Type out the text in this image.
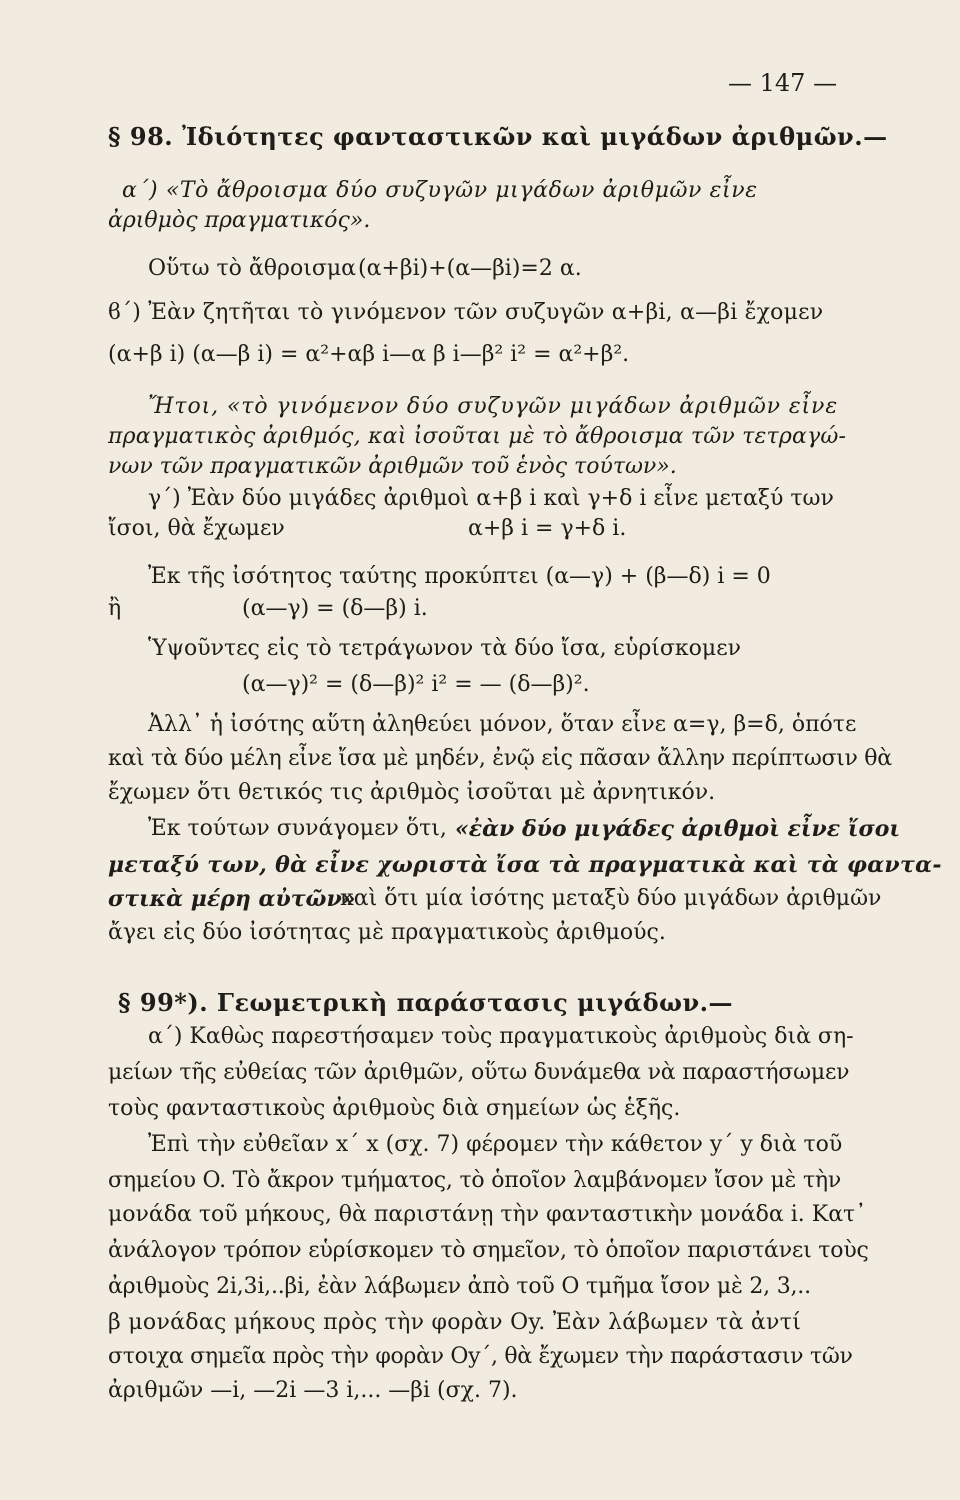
— 147 —
§ 98. Ἰδιότητες φανταστικῶν καὶ μιγάδων ἀριθμῶν.—
α΄) «Τὸ ἄθροισμα δύο συζυγῶν μιγάδων ἀριθμῶν εἶνε
ἀριθμὸς πραγματικός».
Οὕτω τὸ ἄθροισμα (α+βi)+(α—βi)=2 α.
ϐ΄) Ἐὰν ζητῆται τὸ γινόμενον τῶν συζυγῶν α+βi, α—βi ἔχομεν
(α+β i) (α—β i) = α²+αβ i—α β i—β² i² = α²+β².
Ἤτοι, «τὸ γινόμενον δύο συζυγῶν μιγάδων ἀριθμῶν εἶνε
πραγματικὸς ἀριθμός, καὶ ἰσοῦται μὲ τὸ ἄθροισμα τῶν τετραγώ-
νων τῶν πραγματικῶν ἀριθμῶν τοῦ ἑνὸς τούτων».
γ΄) Ἐὰν δύο μιγάδες ἀριθμοὶ α+β i καὶ γ+δ i εἶνε μεταξύ των
ἴσοι, θὰ ἔχωμεν	α+β i = γ+δ i.
Ἐκ τῆς ἰσότητος ταύτης προκύπτει (α—γ) + (β—δ) i = 0
ἢ	(α—γ) = (δ—β) i.
Ὑψοῦντες εἰς τὸ τετράγωνον τὰ δύο ἴσα, εὑρίσκομεν
(α—γ)² = (δ—β)² i² = — (δ—β)².
Ἀλλ᾽ ἡ ἰσότης αὕτη ἀληθεύει μόνον, ὅταν εἶνε α=γ, β=δ, ὁπότε
καὶ τὰ δύο μέλη εἶνε ἴσα μὲ μηδέν, ἐνῷ εἰς πᾶσαν ἄλλην περίπτωσιν θὰ
ἔχωμεν ὅτι θετικός τις ἀριθμὸς ἰσοῦται μὲ ἀρνητικόν.
Ἐκ τούτων συνάγομεν ὅτι, «ἐὰν δύο μιγάδες ἀριθμοὶ εἶνε ἴσοι
μεταξύ των, θὰ εἶνε χωριστὰ ἴσα τὰ πραγματικὰ καὶ τὰ φαντα-
στικὰ μέρη αὐτῶν»
καὶ ὅτι μία ἰσότης μεταξὺ δύο μιγάδων ἀριθμῶν
ἄγει εἰς δύο ἰσότητας μὲ πραγματικοὺς ἀριθμούς.
§ 99*). Γεωμετρικὴ παράστασις μιγάδων.—
α΄) Καθὼς παρεστήσαμεν τοὺς πραγματικοὺς ἀριθμοὺς διὰ ση-
μείων τῆς εὐθείας τῶν ἀριθμῶν, οὕτω δυνάμεθα νὰ παραστήσωμεν
τοὺς φανταστικοὺς ἀριθμοὺς διὰ σημείων ὡς ἑξῆς.
Ἐπὶ τὴν εὐθεῖαν x΄ x (σχ. 7) φέρομεν τὴν κάθετον y΄ y διὰ τοῦ
σημείου O. Τὸ ἄκρον τμήματος, τὸ ὁποῖον λαμβάνομεν ἴσον μὲ τὴν
μονάδα τοῦ μήκους, θὰ παριστάνῃ τὴν φανταστικὴν μονάδα i. Κατ᾽
ἀνάλογον τρόπον εὑρίσκομεν τὸ σημεῖον, τὸ ὁποῖον παριστάνει τοὺς
ἀριθμοὺς 2i,3i,..βi, ἐὰν λάβωμεν ἀπὸ τοῦ O τμῆμα ἴσον μὲ 2, 3,..
β μονάδας μήκους πρὸς τὴν φορὰν Oy. Ἐὰν λάβωμεν τὰ ἀντί
στοιχα σημεῖα πρὸς τὴν φορὰν Oy΄, θὰ ἔχωμεν τὴν παράστασιν τῶν
ἀριθμῶν —i, —2i —3 i,... —βi (σχ. 7).
